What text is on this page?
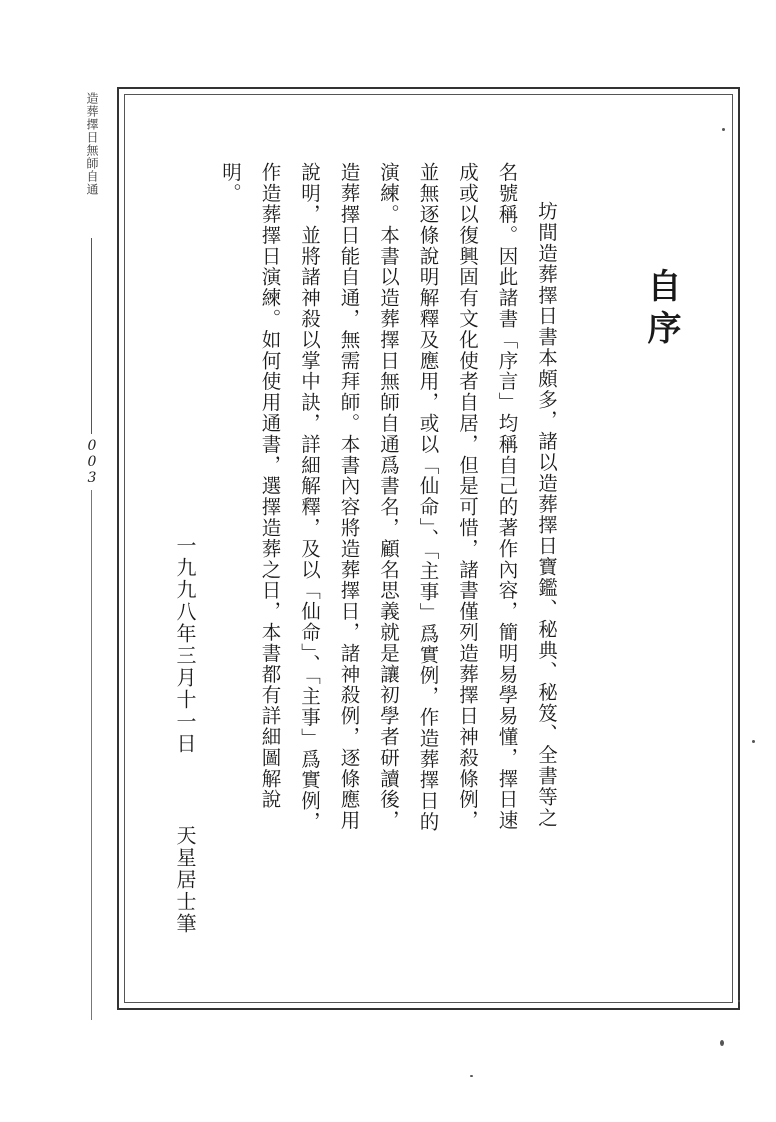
造葬擇日無師自通
003
自序

坊間造葬擇日書本頗多，諸以造葬擇日寶鑑、秘典、秘笈、全書等之名號稱。因此諸書「序言」均稱自己的著作內容，簡明易學易懂，擇日速成或以復興固有文化使者自居，但是可惜，諸書僅列造葬擇日神殺條例，並無逐條說明解釋及應用，或以「仙命」、「主事」爲實例，作造葬擇日的演練。本書以造葬擇日無師自通爲書名，顧名思義就是讓初學者研讀後，造葬擇日能自通，無需拜師。本書內容將造葬擇日，諸神殺例，逐條應用說明，並將諸神殺以掌中訣，詳細解釋，及以「仙命」、「主事」爲實例，作造葬擇日演練。如何使用通書，選擇造葬之日，本書都有詳細圖解說明。

一九九八年三月十一日天星居士筆
